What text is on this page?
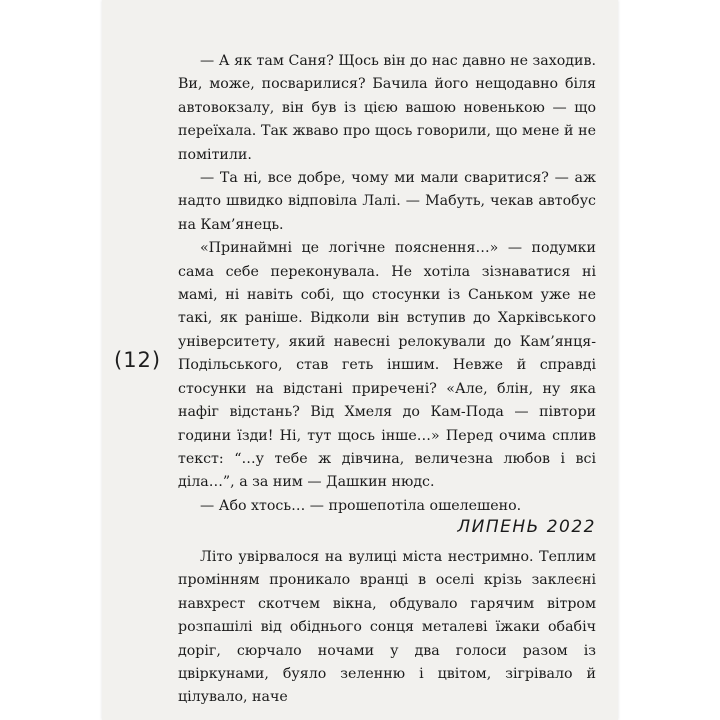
(12)

— А як там Саня? Щось він до нас давно не заходив. Ви, може, посварилися? Бачила його нещодавно біля автовокзалу, він був із цією вашою новенькою — що переїхала. Так жваво про щось говорили, що мене й не помітили.

— Та ні, все добре, чому ми мали сваритися? — аж надто швидко відповіла Лалі. — Мабуть, чекав автобус на Кам’янець.

«Принаймні це логічне пояснення…» — подумки сама себе переконувала. Не хотіла зізнаватися ні мамі, ні навіть собі, що стосунки із Саньком уже не такі, як раніше. Відколи він вступив до Харківського університету, який навесні релокували до Кам’янця-Подільського, став геть іншим. Невже й справді стосунки на відстані приречені? «Але, блін, ну яка нафіг відстань? Від Хмеля до Кам-Пода — півтори години їзди! Ні, тут щось інше…» Перед очима сплив текст: “…у тебе ж дівчина, величезна любов і всі діла…”, а за ним — Дашкин нюдс.

— Або хтось… — прошепотіла ошелешено.

ЛИПЕНЬ 2022

Літо увірвалося на вулиці міста нестримно. Теплим промінням проникало вранці в оселі крізь заклеєні навхрест скотчем вікна, обдувало гарячим вітром розпашілі від обіднього сонця металеві їжаки обабіч доріг, сюрчало ночами у два голоси разом із цвіркунами, буяло зеленню і цвітом, зігрівало й цілувало, наче
